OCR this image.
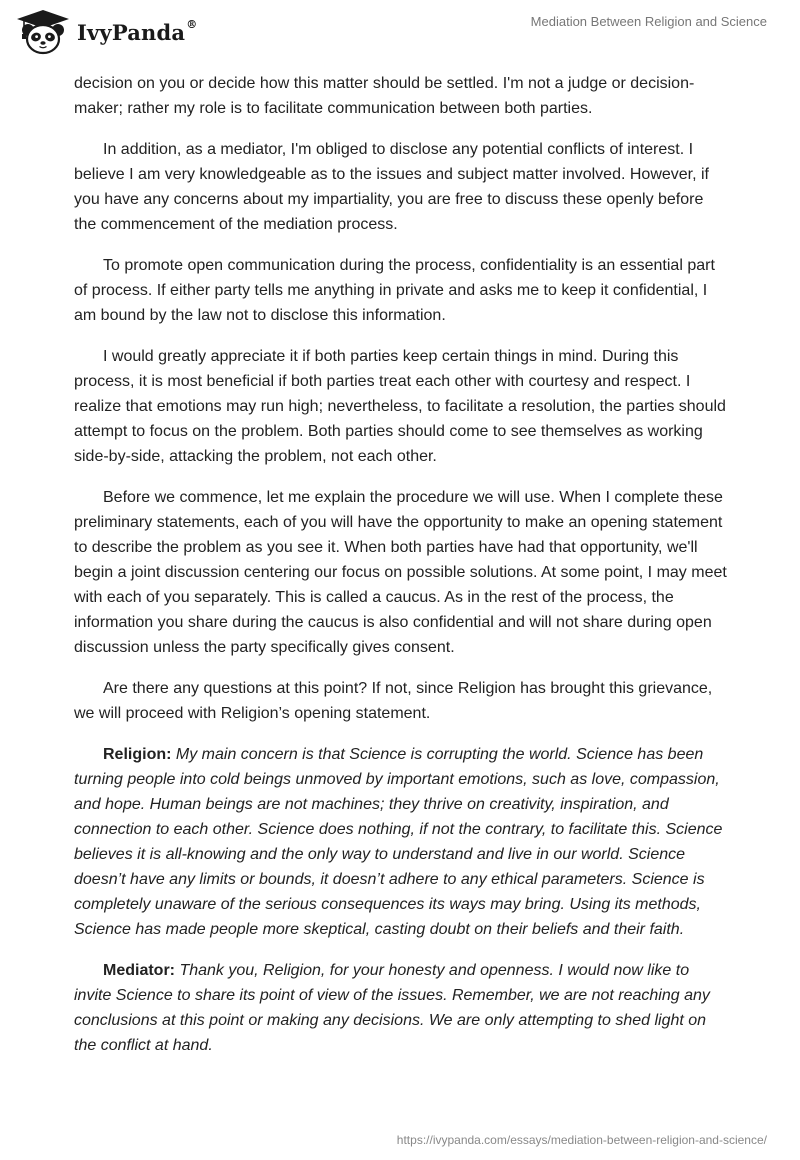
IvyPanda®	Mediation Between Religion and Science

decision on you or decide how this matter should be settled. I'm not a judge or decision-maker; rather my role is to facilitate communication between both parties.

In addition, as a mediator, I'm obliged to disclose any potential conflicts of interest. I believe I am very knowledgeable as to the issues and subject matter involved. However, if you have any concerns about my impartiality, you are free to discuss these openly before the commencement of the mediation process.

To promote open communication during the process, confidentiality is an essential part of process. If either party tells me anything in private and asks me to keep it confidential, I am bound by the law not to disclose this information.

I would greatly appreciate it if both parties keep certain things in mind. During this process, it is most beneficial if both parties treat each other with courtesy and respect. I realize that emotions may run high; nevertheless, to facilitate a resolution, the parties should attempt to focus on the problem. Both parties should come to see themselves as working side-by-side, attacking the problem, not each other.

Before we commence, let me explain the procedure we will use. When I complete these preliminary statements, each of you will have the opportunity to make an opening statement to describe the problem as you see it. When both parties have had that opportunity, we'll begin a joint discussion centering our focus on possible solutions. At some point, I may meet with each of you separately. This is called a caucus. As in the rest of the process, the information you share during the caucus is also confidential and will not share during open discussion unless the party specifically gives consent.

Are there any questions at this point? If not, since Religion has brought this grievance, we will proceed with Religion’s opening statement.

Religion: My main concern is that Science is corrupting the world. Science has been turning people into cold beings unmoved by important emotions, such as love, compassion, and hope. Human beings are not machines; they thrive on creativity, inspiration, and connection to each other. Science does nothing, if not the contrary, to facilitate this. Science believes it is all-knowing and the only way to understand and live in our world. Science doesn’t have any limits or bounds, it doesn’t adhere to any ethical parameters. Science is completely unaware of the serious consequences its ways may bring. Using its methods, Science has made people more skeptical, casting doubt on their beliefs and their faith.

Mediator: Thank you, Religion, for your honesty and openness. I would now like to invite Science to share its point of view of the issues. Remember, we are not reaching any conclusions at this point or making any decisions. We are only attempting to shed light on the conflict at hand.

https://ivypanda.com/essays/mediation-between-religion-and-science/
